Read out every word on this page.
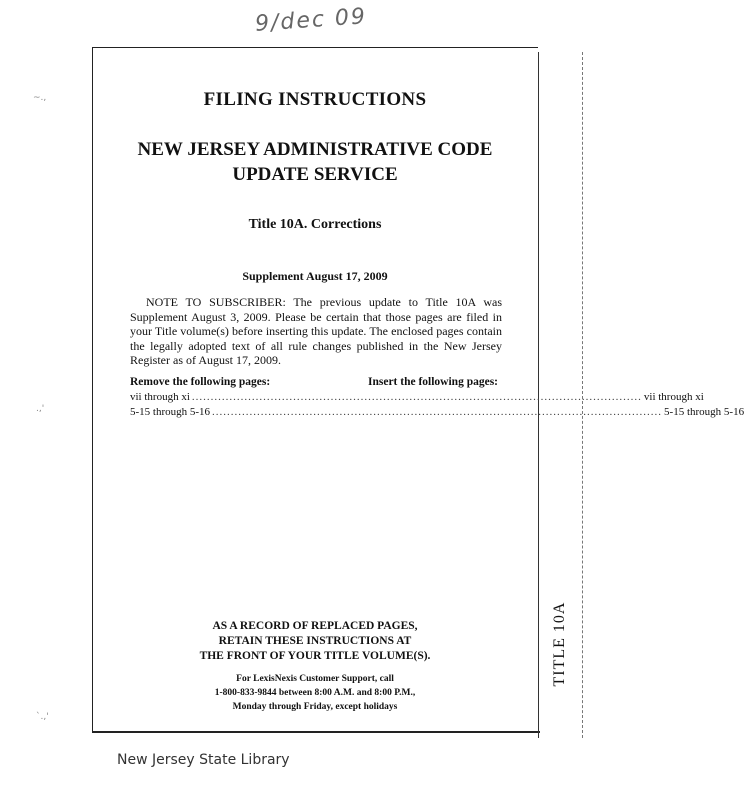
9/dec 09
~.,
.,'
`.,'
FILING INSTRUCTIONS
NEW JERSEY ADMINISTRATIVE CODE
UPDATE SERVICE
Title 10A. Corrections
Supplement August 17, 2009
NOTE TO SUBSCRIBER: The previous update to Title 10A was Supplement August 3, 2009. Please be certain that those pages are filed in your Title volume(s) before inserting this update. The enclosed pages contain the legally adopted text of all rule changes published in the New Jersey Register as of August 17, 2009.
Remove the following pages:	Insert the following pages:
vii through xi ........................................................................................................................ vii through xi
5-15 through 5-16 ........................................................................................................................ 5-15 through 5-16
AS A RECORD OF REPLACED PAGES,
RETAIN THESE INSTRUCTIONS AT
THE FRONT OF YOUR TITLE VOLUME(S).
For LexisNexis Customer Support, call
1-800-833-9844 between 8:00 A.M. and 8:00 P.M.,
Monday through Friday, except holidays
TITLE 10A
New Jersey State Library
